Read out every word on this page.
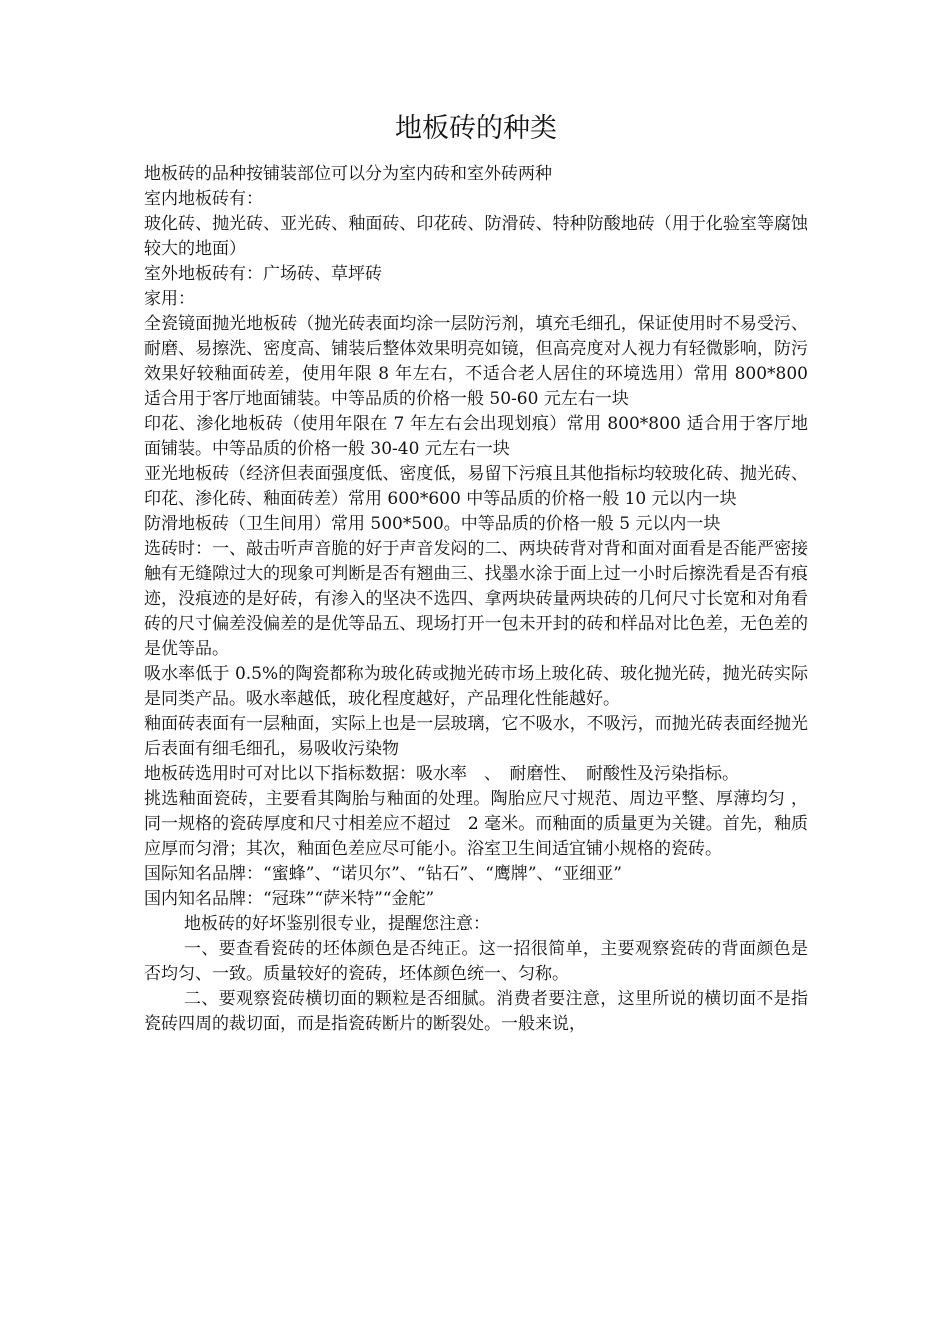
地板砖的种类

地板砖的品种按铺装部位可以分为室内砖和室外砖两种

室内地板砖有：

玻化砖、抛光砖、亚光砖、釉面砖、印花砖、防滑砖、特种防酸地砖（用于化验室等腐蚀较大的地面）

室外地板砖有：广场砖、草坪砖

家用：

全瓷镜面抛光地板砖（抛光砖表面均涂一层防污剂，填充毛细孔，保证使用时不易受污、耐磨、易擦洗、密度高、铺装后整体效果明亮如镜，但高亮度对人视力有轻微影响，防污效果好较釉面砖差，使用年限 8 年左右，不适合老人居住的环境选用）常用 800*800 适合用于客厅地面铺装。中等品质的价格一般 50-60 元左右一块

印花、渗化地板砖（使用年限在 7 年左右会出现划痕）常用 800*800 适合用于客厅地面铺装。中等品质的价格一般 30-40 元左右一块

亚光地板砖（经济但表面强度低、密度低，易留下污痕且其他指标均较玻化砖、抛光砖、印花、渗化砖、釉面砖差）常用 600*600 中等品质的价格一般 10 元以内一块

防滑地板砖（卫生间用）常用 500*500。中等品质的价格一般 5 元以内一块

选砖时：一、敲击听声音脆的好于声音发闷的二、两块砖背对背和面对面看是否能严密接触有无缝隙过大的现象可判断是否有翘曲三、找墨水涂于面上过一小时后擦洗看是否有痕迹，没痕迹的是好砖，有渗入的坚决不选四、拿两块砖量两块砖的几何尺寸长宽和对角看砖的尺寸偏差没偏差的是优等品五、现场打开一包未开封的砖和样品对比色差，无色差的是优等品。

吸水率低于 0.5%的陶瓷都称为玻化砖或抛光砖市场上玻化砖、玻化抛光砖，抛光砖实际是同类产品。吸水率越低，玻化程度越好，产品理化性能越好。

釉面砖表面有一层釉面，实际上也是一层玻璃，它不吸水，不吸污，而抛光砖表面经抛光后表面有细毛细孔，易吸收污染物

地板砖选用时可对比以下指标数据：吸水率　、　耐磨性、　耐酸性及污染指标。

挑选釉面瓷砖，主要看其陶胎与釉面的处理。陶胎应尺寸规范、周边平整、厚薄均匀 ，同一规格的瓷砖厚度和尺寸相差应不超过　2 毫米。而釉面的质量更为关键。首先，釉质应厚而匀滑；其次，釉面色差应尽可能小。浴室卫生间适宜铺小规格的瓷砖。

国际知名品牌：“蜜蜂”、“诺贝尔”、“钻石”、“鹰牌”、“亚细亚”

国内知名品牌：“冠珠”“萨米特”“金舵”

地板砖的好坏鉴别很专业，提醒您注意：

一、要查看瓷砖的坯体颜色是否纯正。这一招很简单，主要观察瓷砖的背面颜色是否均匀、一致。质量较好的瓷砖，坯体颜色统一、匀称。

二、要观察瓷砖横切面的颗粒是否细腻。消费者要注意，这里所说的横切面不是指瓷砖四周的裁切面，而是指瓷砖断片的断裂处。一般来说，
